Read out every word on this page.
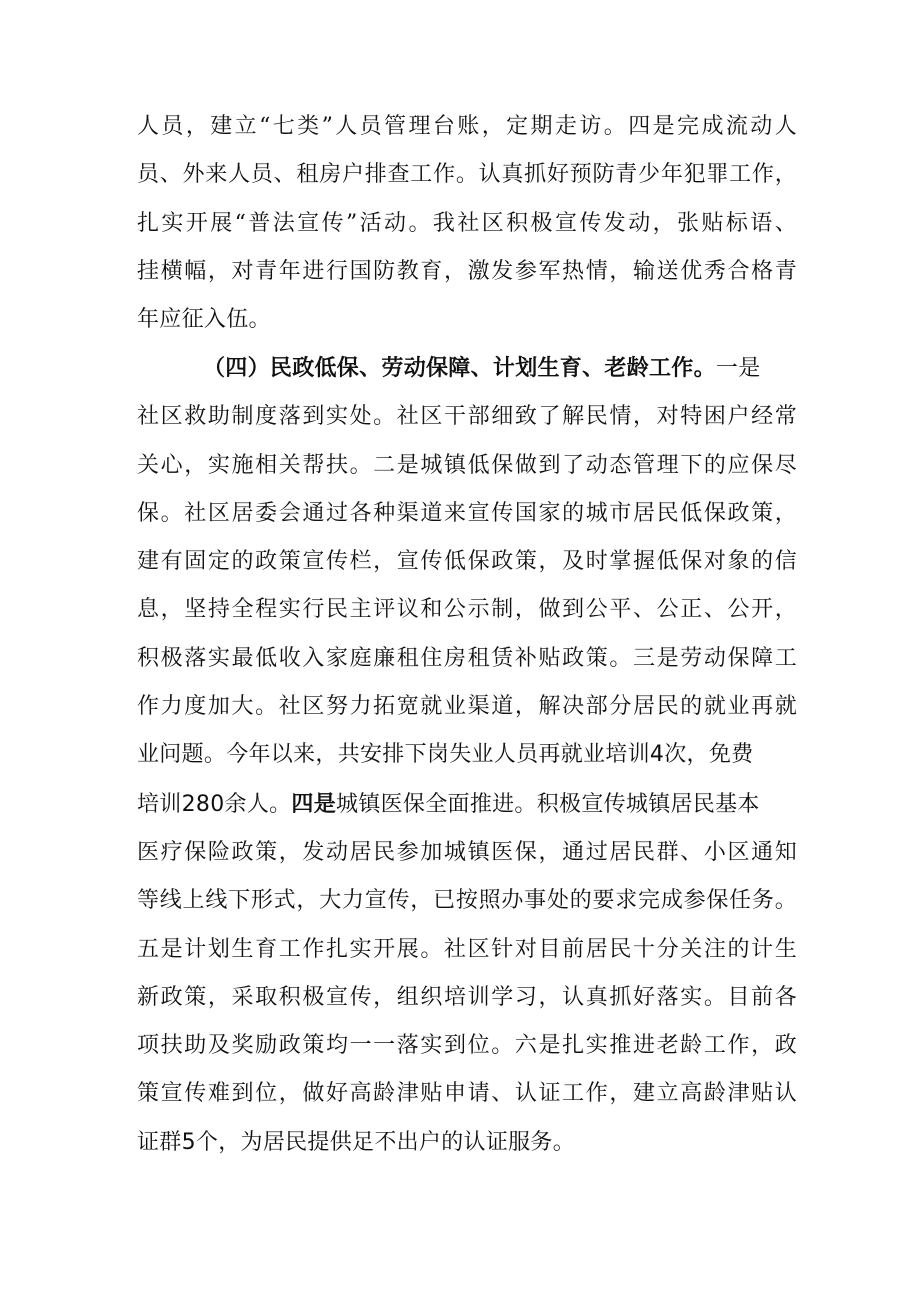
人员，建立“七类”人员管理台账，定期走访。四是完成流动人
员、外来人员、租房户排查工作。认真抓好预防青少年犯罪工作，
扎实开展“普法宣传”活动。我社区积极宣传发动，张贴标语、
挂横幅，对青年进行国防教育，激发参军热情，输送优秀合格青
年应征入伍。
（四）民政低保、劳动保障、计划生育、老龄工作。一是
社区救助制度落到实处。社区干部细致了解民情，对特困户经常
关心，实施相关帮扶。二是城镇低保做到了动态管理下的应保尽
保。社区居委会通过各种渠道来宣传国家的城市居民低保政策，
建有固定的政策宣传栏，宣传低保政策，及时掌握低保对象的信
息，坚持全程实行民主评议和公示制，做到公平、公正、公开，
积极落实最低收入家庭廉租住房租赁补贴政策。三是劳动保障工
作力度加大。社区努力拓宽就业渠道，解决部分居民的就业再就
业问题。今年以来，共安排下岗失业人员再就业培训4次，免费
培训280余人。四是城镇医保全面推进。积极宣传城镇居民基本
医疗保险政策，发动居民参加城镇医保，通过居民群、小区通知
等线上线下形式，大力宣传，已按照办事处的要求完成参保任务。
五是计划生育工作扎实开展。社区针对目前居民十分关注的计生
新政策，采取积极宣传，组织培训学习，认真抓好落实。目前各
项扶助及奖励政策均一一落实到位。六是扎实推进老龄工作，政
策宣传难到位，做好高龄津贴申请、认证工作，建立高龄津贴认
证群5个，为居民提供足不出户的认证服务。
